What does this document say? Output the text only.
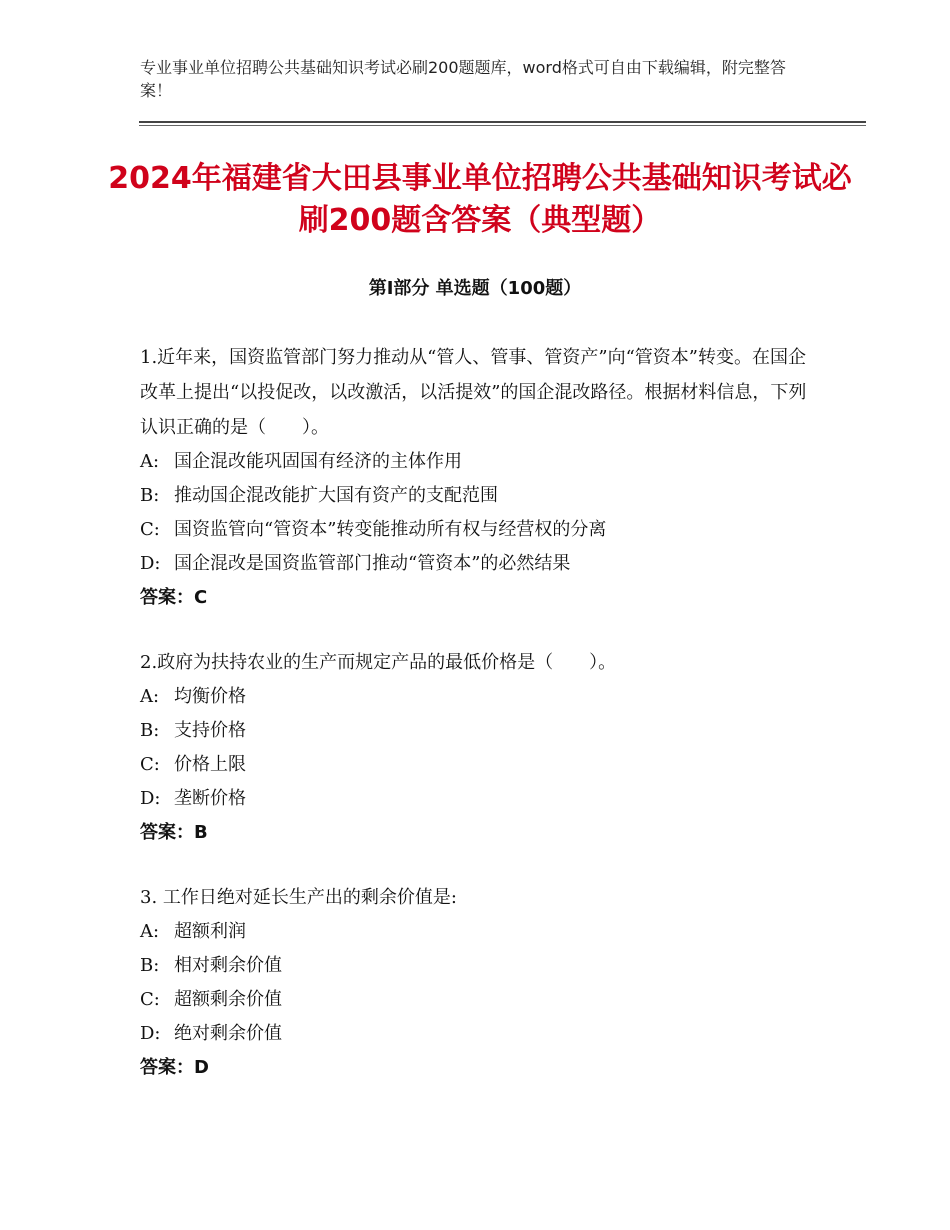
专业事业单位招聘公共基础知识考试必刷200题题库，word格式可自由下载编辑，附完整答案！
2024年福建省大田县事业单位招聘公共基础知识考试必刷200题含答案（典型题）
第Ⅰ部分 单选题（100题）
1.近年来，国资监管部门努力推动从“管人、管事、管资产”向“管资本”转变。在国企改革上提出“以投促改，以改激活，以活提效”的国企混改路径。根据材料信息，下列认识正确的是（　　）。
A: 国企混改能巩固国有经济的主体作用
B: 推动国企混改能扩大国有资产的支配范围
C: 国资监管向“管资本”转变能推动所有权与经营权的分离
D: 国企混改是国资监管部门推动“管资本”的必然结果
答案：C
2.政府为扶持农业的生产而规定产品的最低价格是（　　）。
A: 均衡价格
B: 支持价格
C: 价格上限
D: 垄断价格
答案：B
3. 工作日绝对延长生产出的剩余价值是:
A: 超额利润
B: 相对剩余价值
C: 超额剩余价值
D: 绝对剩余价值
答案：D
